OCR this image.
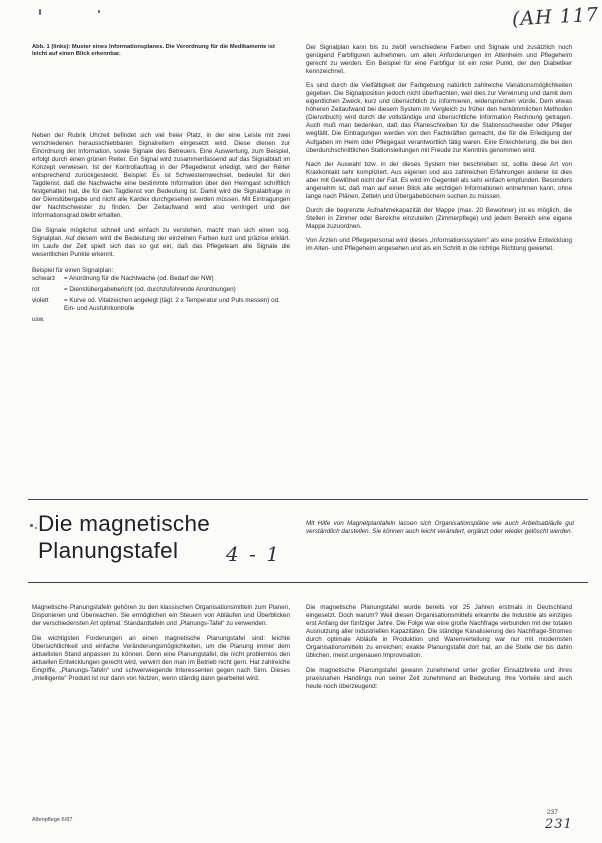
(AH 117
Abb. 1 (links): Muster eines Informationsplanes. Die Verordnung für die Medikamente ist leicht auf einen Blick erkennbar.

Neben der Rubrik Uhrzeit befindet sich viel freier Platz, in der eine Leiste mit zwei verschiedenen herausschiebbaren Signalreitern eingesetzt wird. Diese dienen zur Einordnung der Information, sowie Signale des Betreuers. Eine Auswertung, zum Beispiel, erfolgt durch einen grünen Reiter. Ein Signal wird zusammenfassend auf das Signalblatt im Konzept verwiesen. Ist der Kontrollauftrag in der Pflegedienst erledigt, wird der Reiter entsprechend zurückgesteckt. Beispiel: Es ist Schwesternwechsel, bedeutet für den Tagdienst, daß die Nachwache eine bestimmte Information über den Heimgast schriftlich festgehalten hat, die für den Tagdienst von Bedeutung ist. Damit wird die Signalabfrage in der Dienstübergabe und nicht alle Kardex durchgesehen werden müssen. Mit Eintragungen der Nachtschwester zu finden. Der Zeitaufwand wird also verringert und der Informationsgrad bleibt erhalten.

Die Signale möglichst schnell und einfach zu verstehen, macht man sich einen sog. Signalplan. Auf diesem wird die Bedeutung der einzelnen Farben kurz und präzise erklärt. Im Laufe der Zeit spielt sich das so gut ein, daß das Pflegeteam alle Signale die wesentlichen Punkte erkennt.

Beispiel für einen Signalplan:
schwarz	= Anordnung für die Nachtwache (od. Bedarf der NW)
rot	= Dienstübergabebericht (od. durchzuführende Anordnungen)
violett	= Kurve od. Vitalzeichen angelegt (tägl. 2 x Temperatur und Puls messen) od. Ein- und Ausfuhrkontrolle
usw.

Der Signalplan kann bis zu zwölf verschiedene Farben und Signale und zusätzlich noch genügend Farbfiguren aufnehmen, um allen Anforderungen im Altenheim und Pflegeheim gerecht zu werden. Ein Beispiel für eine Farbfigur ist ein roter Punkt, der den Diabetiker kennzeichnet.

Es sind durch die Vielfältigkeit der Farbgebung natürlich zahlreiche Variationsmöglichkeiten gegeben. Die Signalposition jedoch nicht überfrachten, weil dies zur Verwirrung und damit dem eigentlichen Zweck, kurz und übersichtlich zu informieren, widersprechen würde. Dem etwas höheren Zeitaufwand bei diesem System im Vergleich zu früher den herkömmlichen Methoden (Dienstbuch) wird durch die vollständige und übersichtliche Information Rechnung getragen. Auch muß man bedenken, daß das Planeschreiben für die Stationsschwester oder Pfleger wegfällt. Die Eintragungen werden von den Fachkräften gemacht, die für die Erledigung der Aufgaben im Heim oder Pflegegast verantwortlich tätig waren. Eine Erleichterung, die bei den überdurchschnittlichen Stationsleitungen mit Freude zur Kenntnis genommen wird.

Nach der Auswahl bzw. in der dieses System hier beschrieben ist, sollte diese Art von Kraxkontakt sehr kompliziert. Aus eigenen und aus zahlreichen Erfahrungen anderer ist dies aber mit Gewißheit nicht der Fall. Es wird im Gegenteil als sehr einfach empfunden. Besonders angenehm ist, daß man auf einen Blick alle wichtigen Informationen entnehmen kann, ohne lange nach Plänen, Zetteln und Übergabebüchern suchen zu müssen.

Durch die begrenzte Aufnahmekapazität der Mappe (max. 20 Bewohner) ist es möglich, die Stellen in Zimmer oder Bereiche einzuteilen (Zimmerpflege) und jedem Bereich eine eigene Mappe zuzuordnen.

Von Ärzten und Pflegepersonal wird dieses „Informationssystem“ als eine positive Entwicklung im Alten- und Pflegeheim angesehen und als ein Schritt in die richtige Richtung gewertet.

Die magnetische
Planungstafel	4 - 1
Mit Hilfe von Magnetplantafeln lassen sich Organisationspläne wie auch Arbeitsabläufe gut verständlich darstellen. Sie können auch leicht verändert, ergänzt oder wieder gelöscht werden.

Magnetische Planungstafeln gehören zu den klassischen Organisationsmitteln zum Planen, Disponieren und Überwachen. Sie ermöglichen ein Steuern von Abläufen und Überblicken der verschiedensten Art optimal. Standardtafeln und „Planungs-Tafel“ zu verwenden.

Die wichtigsten Forderungen an einen magnetische Planungstafel sind: leichte Übersichtlichkeit und einfache Veränderungsmöglichkeiten, um die Planung immer dem aktuellsten Stand anpassen zu können. Denn eine Planungstafel, die nicht problemlos den aktuellen Entwicklungen gerecht wird, verwirrt den man im Betrieb nicht gern. Hat zahlreiche Eingriffe, „Planungs-Tafeln“ und schwerwiegende Interessenten gegen nach Sinn. Dieses „Intelligente“ Produkt ist nur dann von Nutzen, wenn ständig dann gearbeitet wird.

Die magnetische Planungstafel wurde bereits vor 25 Jahren erstmals in Deutschland eingesetzt. Doch warum? Weil diesen Organisationsmittels erkannte die Industrie als einziges erst Anfang der fünfziger Jahre. Die Folge war eine große Nachfrage verbunden mit der totalen Ausnutzung aller industriellen Kapazitäten. Die ständige Kanalisierung des Nachfrage-Stromes durch optimale Abläufe in Produktion und Warenverteilung war nur mit modernsten Organisationsmitteln zu erreichen; exakte Planungstafel dort hat, an die Stelle der bis dahin üblichen, meist ungenauen Improvisation.

Die magnetische Planungstafel gewann zunehmend unter großer Einsatzbreite und ihres praxisnahen Handlings nun seiner Zeit zunehmend an Bedeutung. Ihre Vorteile sind auch heute noch überzeugend:

Altenpflege 6/87
237
231
